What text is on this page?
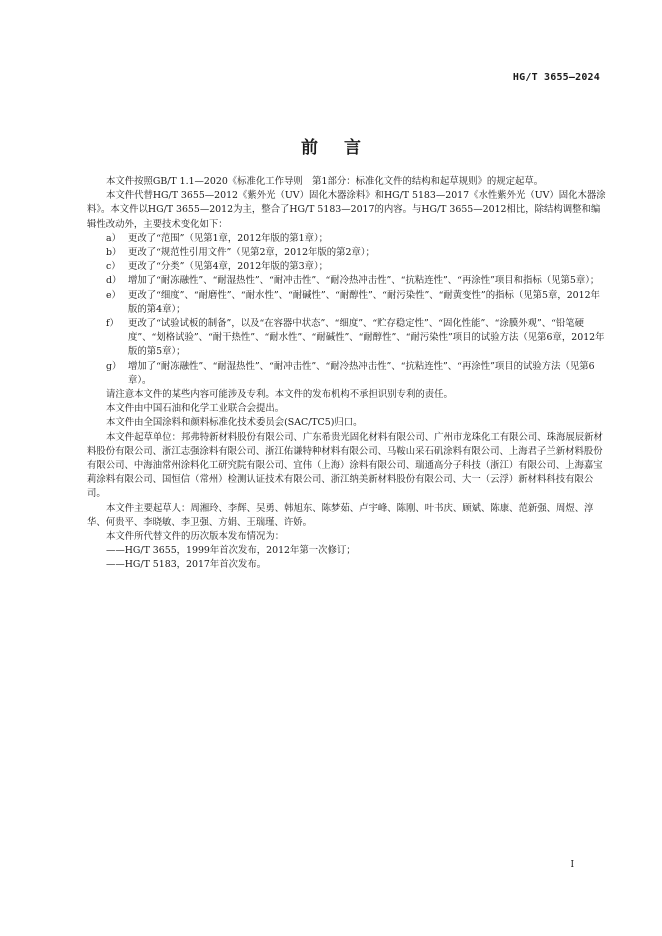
HG/T 3655—2024
前言

本文件按照GB/T 1.1—2020《标准化工作导则　第1部分：标准化文件的结构和起草规则》的规定起草。

本文件代替HG/T 3655—2012《紫外光（UV）固化木器涂料》和HG/T 5183—2017《水性紫外光（UV）固化木器涂料》。本文件以HG/T 3655—2012为主，整合了HG/T 5183—2017的内容。与HG/T 3655—2012相比，除结构调整和编辑性改动外，主要技术变化如下：

a） 更改了“范围”（见第1章，2012年版的第1章）；
b） 更改了“规范性引用文件”（见第2章，2012年版的第2章）；
c） 更改了“分类”（见第4章，2012年版的第3章）；
d） 增加了“耐冻融性”、“耐湿热性”、“耐冲击性”、“耐冷热冲击性”、“抗粘连性”、“再涂性”项目和指标（见第5章）；
e） 更改了“细度”、“耐磨性”、“耐水性”、“耐碱性”、“耐醇性”、“耐污染性”、“耐黄变性”的指标（见第5章，2012年版的第4章）；
f） 更改了“试验试板的制备”，以及“在容器中状态”、“细度”、“贮存稳定性”、“固化性能”、“涂膜外观”、“铅笔硬度”、“划格试验”、“耐干热性”、“耐水性”、“耐碱性”、“耐醇性”、“耐污染性”项目的试验方法（见第6章，2012年版的第5章）；
g） 增加了“耐冻融性”、“耐湿热性”、“耐冲击性”、“耐冷热冲击性”、“抗粘连性”、“再涂性”项目的试验方法（见第6章）。

请注意本文件的某些内容可能涉及专利。本文件的发布机构不承担识别专利的责任。

本文件由中国石油和化学工业联合会提出。

本文件由全国涂料和颜料标准化技术委员会(SAC/TC5)归口。

本文件起草单位：邦弗特新材料股份有限公司、广东希贵光固化材料有限公司、广州市龙珠化工有限公司、珠海展辰新材料股份有限公司、浙江志强涂料有限公司、浙江佑谦特种材料有限公司、马鞍山采石矶涂料有限公司、上海君子兰新材料股份有限公司、中海油常州涂料化工研究院有限公司、宜伟（上海）涂料有限公司、瑞通高分子科技（浙江）有限公司、上海嘉宝莉涂料有限公司、国恒信（常州）检测认证技术有限公司、浙江纳美新材料股份有限公司、大一（云浮）新材料科技有限公司。

本文件主要起草人：周湘玲、李辉、吴勇、韩旭东、陈梦茹、卢宇峰、陈刚、叶书庆、顾斌、陈康、范新强、周煜、淳华、何贵平、李晓敏、李卫强、方娟、王瑞瑾、许娇。

本文件所代替文件的历次版本发布情况为：

——HG/T 3655，1999年首次发布，2012年第一次修订；

——HG/T 5183，2017年首次发布。

I
